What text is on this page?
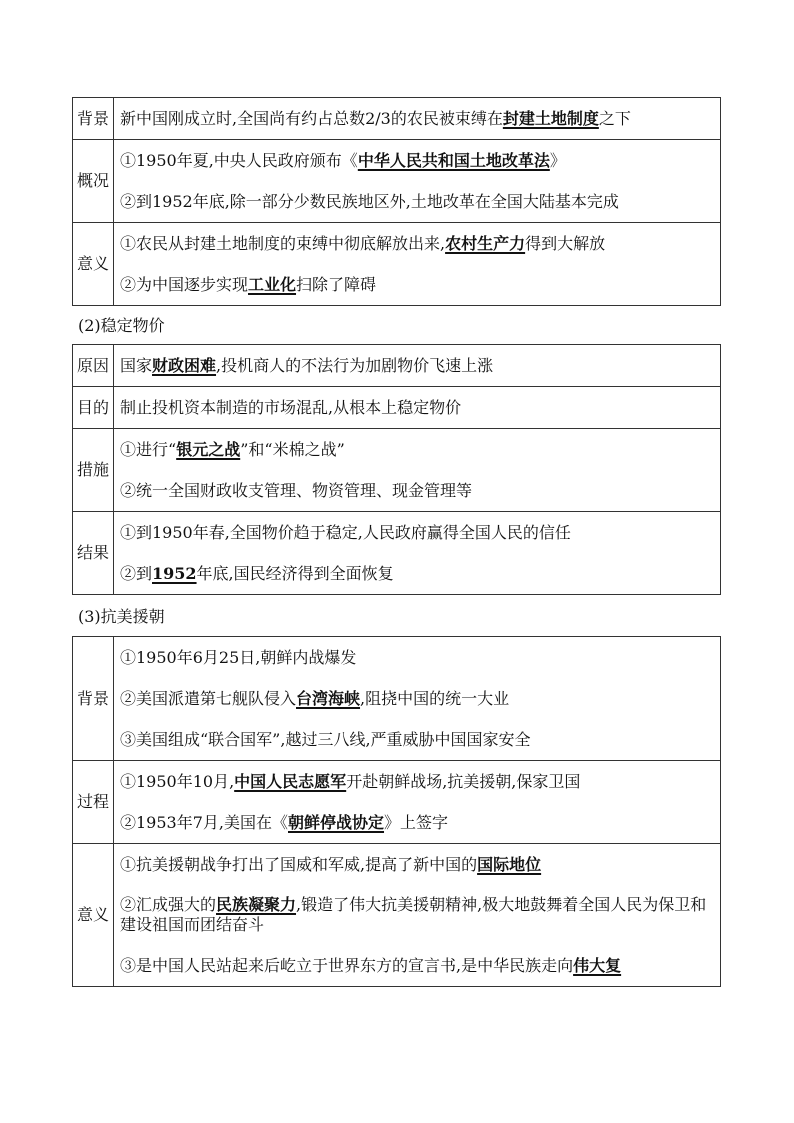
背景	新中国刚成立时,全国尚有约占总数2/3的农民被束缚在封建土地制度之下

概况	①1950年夏,中央人民政府颁布《中华人民共和国土地改革法》
②到1952年底,除一部分少数民族地区外,土地改革在全国大陆基本完成

意义	①农民从封建土地制度的束缚中彻底解放出来,农村生产力得到大解放
②为中国逐步实现工业化扫除了障碍
(2)稳定物价
原因	国家财政困难,投机商人的不法行为加剧物价飞速上涨

目的	制止投机资本制造的市场混乱,从根本上稳定物价

措施	①进行“银元之战”和“米棉之战”
②统一全国财政收支管理、物资管理、现金管理等

结果	①到1950年春,全国物价趋于稳定,人民政府赢得全国人民的信任
②到1952年底,国民经济得到全面恢复
(3)抗美援朝
背景	①1950年6月25日,朝鲜内战爆发
②美国派遣第七舰队侵入台湾海峡,阻挠中国的统一大业
③美国组成“联合国军”,越过三八线,严重威胁中国国家安全

过程	①1950年10月,中国人民志愿军开赴朝鲜战场,抗美援朝,保家卫国
②1953年7月,美国在《朝鲜停战协定》上签字

意义	①抗美援朝战争打出了国威和军威,提高了新中国的国际地位
②汇成强大的民族凝聚力,锻造了伟大抗美援朝精神,极大地鼓舞着全国人民为保卫和建设祖国而团结奋斗
③是中国人民站起来后屹立于世界东方的宣言书,是中华民族走向伟大复
